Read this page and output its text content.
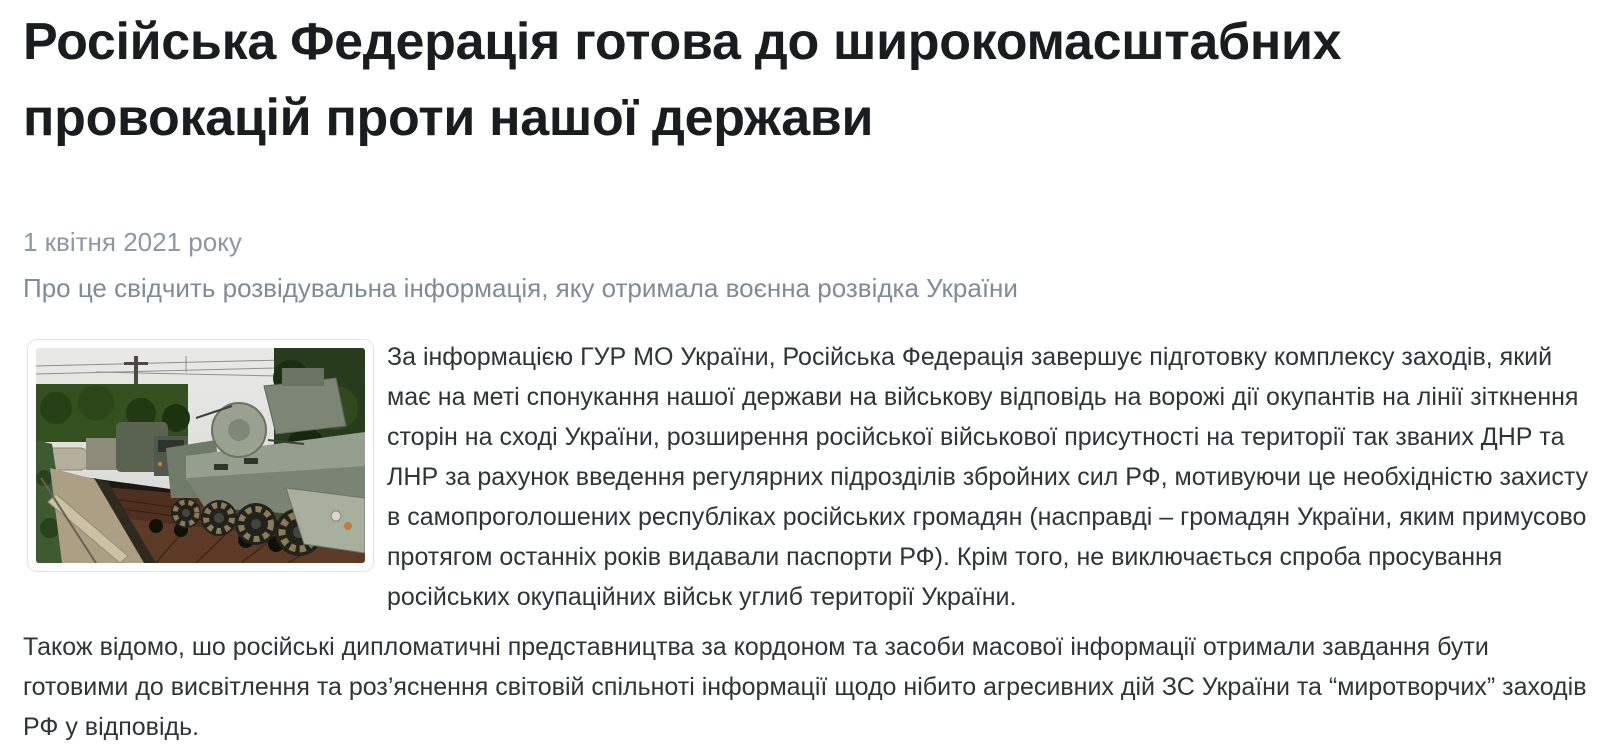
Російська Федерація готова до широкомасштабних провокацій проти нашої держави
1 квітня 2021 року
Про це свідчить розвідувальна інформація, яку отримала воєнна розвідка України

За інформацією ГУР МО України, Російська Федерація завершує підготовку комплексу заходів, який має на меті спонукання нашої держави на військову відповідь на ворожі дії окупантів на лінії зіткнення сторін на сході України, розширення російської військової присутності на території так званих ДНР та ЛНР за рахунок введення регулярних підрозділів збройних сил РФ, мотивуючи це необхідністю захисту в самопроголошених республіках російських громадян (насправді – громадян України, яким примусово протягом останніх років видавали паспорти РФ). Крім того, не виключається спроба просування російських окупаційних військ углиб території України.

Також відомо, шо російські дипломатичні представництва за кордоном та засоби масової інформації отримали завдання бути готовими до висвітлення та роз’яснення світовій спільноті інформації щодо нібито агресивних дій ЗС України та “миротворчих” заходів РФ у відповідь.
